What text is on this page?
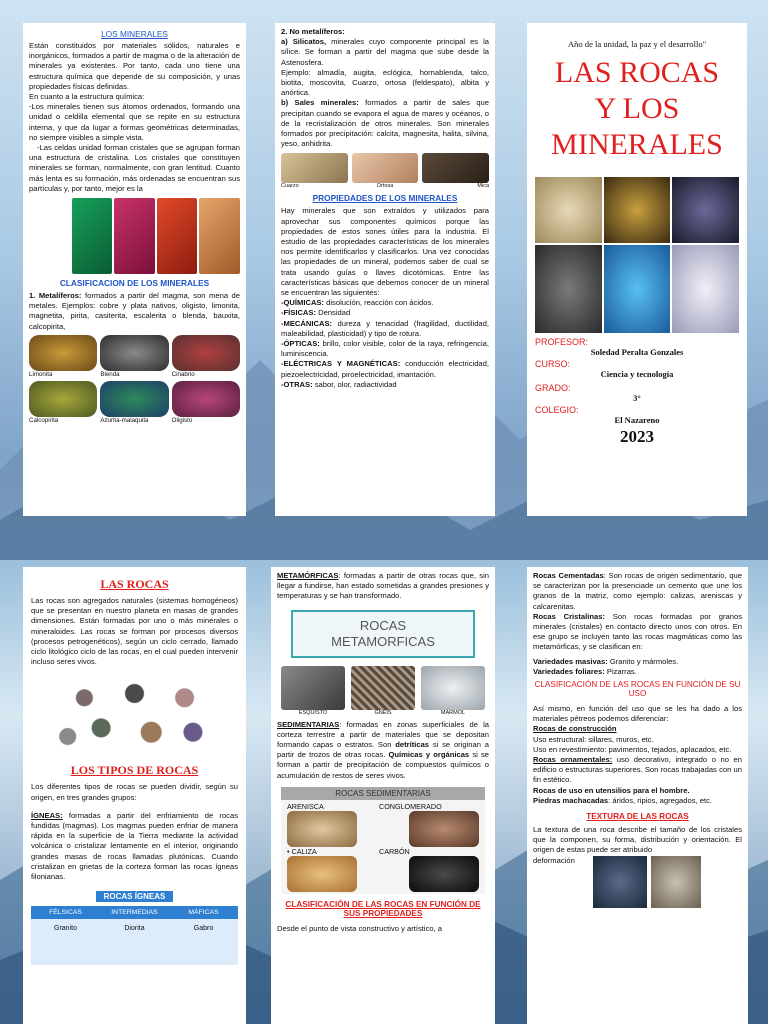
LOS MINERALES

Están constituidos por materiales sólidos, naturales e inorgánicos, formados a partir de magma o de la alteración de minerales ya existentes. Por tanto, cada uno tiene una estructura química que depende de su composición, y unas propiedades físicas definidas.

En cuanto a la estructura química:

-Los minerales tienen sus átomos ordenados, formando una unidad o celdilla elemental que se repite en su estructura interna, y que da lugar a formas geométricas determinadas, no siempre visibles a simple vista.

-Las celdas unidad forman cristales que se agrupan forman una estructura de cristalina. Los cristales que constituyen minerales se forman, normalmente, con gran lentitud. Cuanto más lenta es su formación, más ordenadas se encuentran sus partículas y, por tanto, mejor es la

CLASIFICACION DE LOS MINERALES

1. Metalíferos: formados a partir del magma, son mena de metales. Ejemplos: cobre y plata nativos, oligisto, limonita, magnetita, pirita, casiterita, escalerita o blenda, bauxita, calcopirita,

Limonita	Blenda	Cinabrio
Calcopirita	Azurita-malaquita	Oligisto

2. No metalíferos:

a) Silicatos, minerales cuyo componente principal es la sílice. Se forman a partir del magma que sube desde la Astenosfera.

Ejemplo: almadía, augita, eclógica, hornablenda, talco, biotita, moscovita, Cuarzo, ortosa (feldespato), albita y anórtica.

b) Sales minerales: formados a partir de sales que precipitan cuando se evapora el agua de mares y océanos, o de la recristalización de otros minerales. Son minerales formados por precipitación: calcita, magnesita, halita, silvina, yeso, anhidrita.

Cuarzo	Ortosa	Mica
PROPIEDADES DE LOS MINERALES

Hay minerales que son extraídos y utilizados para aprovechar sus componentes químicos porque las propiedades de estos sones útiles para la industria. El estudio de las propiedades características de los minerales nos permite identificarlos y clasificarlos. Una vez conocidas las propiedades de un mineral, podemos saber de cual se trata usando guías o llaves dicotómicas. Entre las características básicas que debemos conocer de un mineral se encuentran las siguientes:

-QUÍMICAS: disolución, reacción con ácidos.

-FÍSICAS: Densidad

-MECÁNICAS: dureza y tenacidad (fragilidad, ductilidad, maleabilidad, plasticidad) y tipo de rotura.

-ÓPTICAS: brillo, color visible, color de la raya, refringencia, luminiscencia.

-ELÉCTRICAS Y MAGNÉTICAS: conducción electricidad, piezoelectricidad, piroelectricidad, imantación.

-OTRAS: sabor, olor, radiactividad

Año de la unidad, la paz y el desarrollo"
LAS ROCAS
Y LOS
MINERALES
PROFESOR:
Soledad Peralta Gonzales
CURSO:
Ciencia y tecnología
GRADO:
3°
COLEGIO:
El Nazareno
2023
LAS ROCAS

Las rocas son agregados naturales (sistemas homogéneos) que se presentan en nuestro planeta en masas de grandes dimensiones. Están formadas por uno o más minerales o mineraloides. Las rocas se forman por procesos diversos (procesos petrogenéticos), según un ciclo cerrado, llamado ciclo litológico ciclo de las rocas, en el cual pueden intervenir incluso seres vivos.

LOS TIPOS DE ROCAS

Los diferentes tipos de rocas se pueden dividir, según su origen, en tres grandes grupos:

ÍGNEAS: formadas a partir del enfriamiento de rocas fundidas (magmas). Los magmas pueden enfriar de manera rápida en la superficie de la Tierra mediante la actividad volcánica o cristalizar lentamente en el interior, originando grandes masas de rocas llamadas plutónicas. Cuando cristalizan en grietas de la corteza forman las rocas ígneas filonianas.

ROCAS ÍGNEAS
FÉLSICAS	INTERMEDIAS	MÁFICAS
Granito	Diorita	Gabro

METAMÓRFICAS: formadas a partir de otras rocas que, sin llegar a fundirse, han estado sometidas a grandes presiones y temperaturas y se han transformado.

ROCAS METAMORFICAS
ESQUISTO	GNEIS	MARMOL

SEDIMENTARIAS: formadas en zonas superficiales de la corteza terrestre a partir de materiales que se depositan formando capas o estratos. Son detríticas si se originan a partir de trozos de otras rocas. Químicas y orgánicas si se forman a partir de precipitación de compuestos químicos o acumulación de restos de seres vivos.

ROCAS SEDIMENTARIAS
ARENISCA	CONGLOMERADO
• CALIZA	CARBÓN
CLASIFICACIÓN DE LAS ROCAS EN FUNCIÓN DE SUS PROPIEDADES

Desde el punto de vista constructivo y artístico, a

Rocas Cementadas: Son rocas de origen sedimentario, que se caracterizan por la presenciade un cemento que une los granos de la matriz, como ejemplo: calizas, areniscas y calcarenitas.

Rocas Cristalinas: Son rocas formadas por granos minerales (cristales) en contacto directo unos con otros. En ese grupo se incluyen tanto las rocas magmáticas como las metamórficas, y se clasifican en:

Variedades masivas: Granito y mármoles.

Variedades foliares: Pizarras.

CLASIFICACIÓN DE LAS ROCAS EN FUNCIÓN DE SU USO

Así mismo, en función del uso que se les ha dado a los materiales pétreos podemos diferenciar:

Rocas de construcción

Uso estructural: sillares, muros, etc.

Uso en revestimiento: pavimentos, tejados, aplacados, etc.

Rocas ornamentales: uso decorativo, integrado o no en edificio o estructuras superiores. Son rocas trabajadas con un fin estético.

Rocas de uso en utensilios para el hombre.

Piedras machacadas: áridos, ripios, agregados, etc.

TEXTURA DE LAS ROCAS

La textura de una roca describe el tamaño de los cristales que la componen, su forma, distribución y orientación. El origen de estas puede ser atribuido

deformación
